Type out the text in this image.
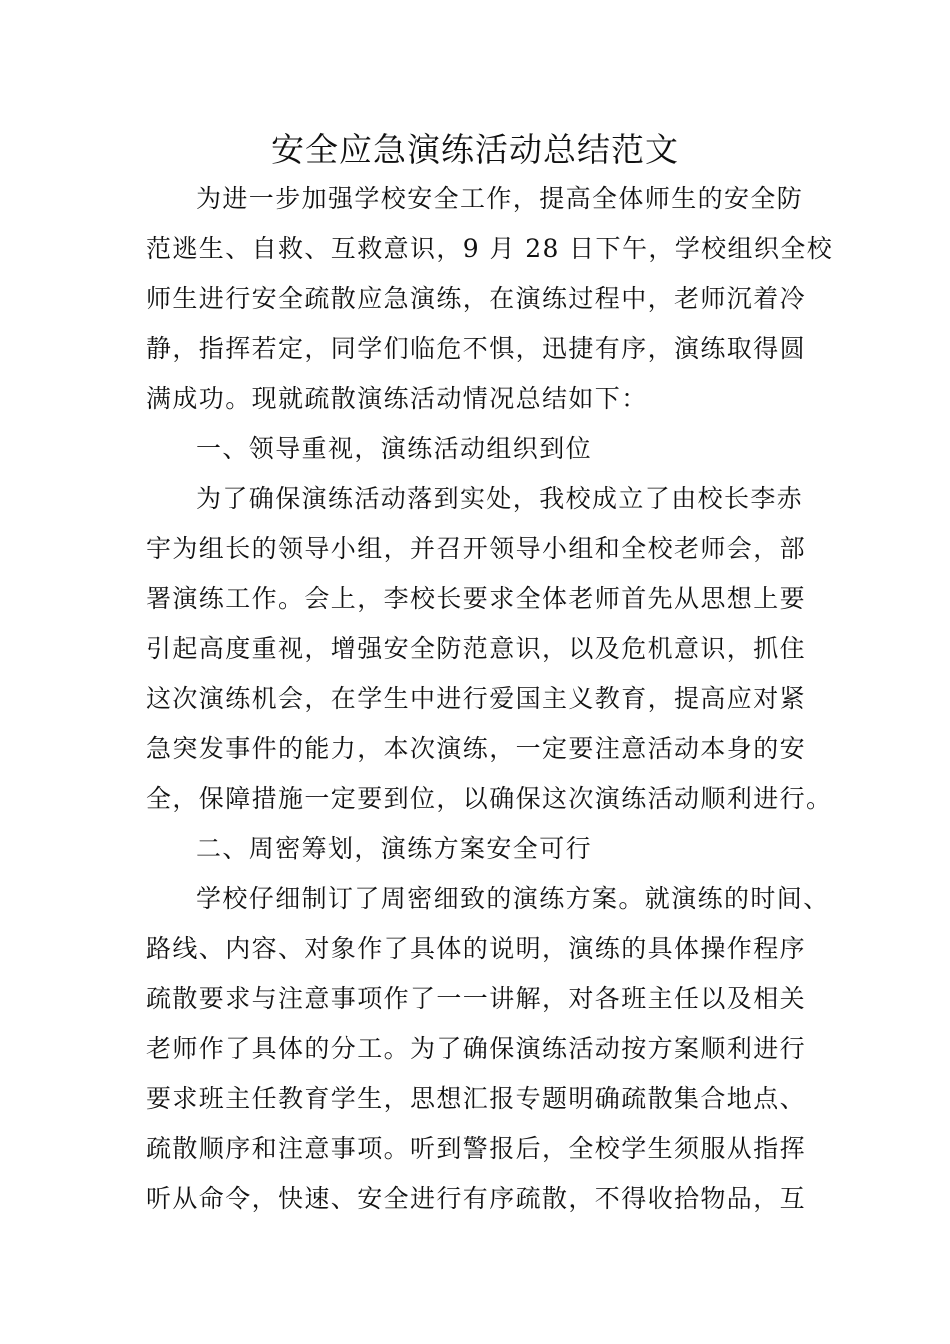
安全应急演练活动总结范文

为进一步加强学校安全工作，提高全体师生的安全防

范逃生、自救、互救意识，9 月 28 日下午，学校组织全校

师生进行安全疏散应急演练，在演练过程中，老师沉着冷

静，指挥若定，同学们临危不惧，迅捷有序，演练取得圆

满成功。现就疏散演练活动情况总结如下：

一、领导重视，演练活动组织到位

为了确保演练活动落到实处，我校成立了由校长李赤

宇为组长的领导小组，并召开领导小组和全校老师会，部

署演练工作。会上，李校长要求全体老师首先从思想上要

引起高度重视，增强安全防范意识，以及危机意识，抓住

这次演练机会，在学生中进行爱国主义教育，提高应对紧

急突发事件的能力，本次演练，一定要注意活动本身的安

全，保障措施一定要到位，以确保这次演练活动顺利进行。

二、周密筹划，演练方案安全可行

学校仔细制订了周密细致的演练方案。就演练的时间、

路线、内容、对象作了具体的说明，演练的具体操作程序

疏散要求与注意事项作了一一讲解，对各班主任以及相关

老师作了具体的分工。为了确保演练活动按方案顺利进行

要求班主任教育学生，思想汇报专题明确疏散集合地点、

疏散顺序和注意事项。听到警报后，全校学生须服从指挥

听从命令，快速、安全进行有序疏散，不得收拾物品，互
